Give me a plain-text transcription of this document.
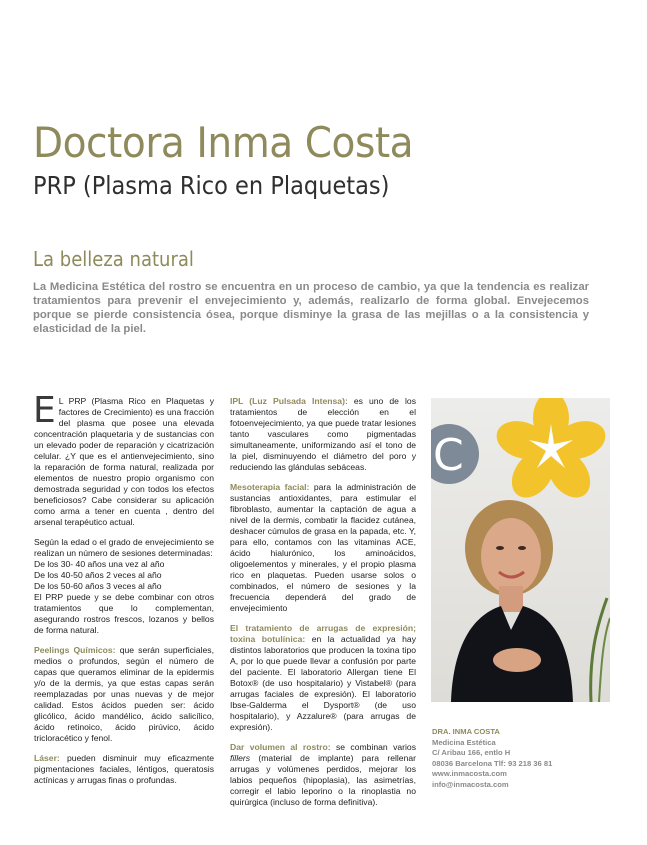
Doctora Inma Costa
PRP (Plasma Rico en Plaquetas)
La belleza natural
La Medicina Estética del rostro se encuentra en un proceso de cambio, ya que la tendencia es realizar tratamientos para prevenir el envejecimiento y, además, realizarlo de forma global. Envejecemos porque se pierde consistencia ósea, porque disminye la grasa de las mejillas o a la consistencia y elasticidad de la piel.

E L PRP (Plasma Rico en Plaquetas y factores de Crecimiento) es una fracción del plasma que posee una elevada concentración plaquetaria y de sustancias con un elevado poder de reparación y cicatrización celular. ¿Y que es el antienvejecimiento, sino la reparación de forma natural, realizada por elementos de nuestro propio organismo con demostrada seguridad y con todos los efectos beneficiosos? Cabe considerar su aplicación como arma a tener en cuenta , dentro del arsenal terapéutico actual.

Según la edad o el grado de envejecimiento se realizan un número de sesiones determinadas:
De los 30- 40 años una vez al año
De los 40-50 años 2 veces al año
De los 50-60 años 3 veces al año

El PRP puede y se debe combinar con otros tratamientos que lo complementan, asegurando rostros frescos, lozanos y bellos de forma natural.

Peelings Químicos: que serán superficiales, medios o profundos, según el número de capas que queramos eliminar de la epidermis y/o de la dermis, ya que estas capas serán reemplazadas por unas nuevas y de mejor calidad. Estos ácidos pueden ser: ácido glicólico, ácido mandélico, ácido salicílico, ácido retinoico, ácido pirúvico, ácido tricloracético y fenol.

Láser: pueden disminuir muy eficazmente pigmentaciones faciales, léntigos, queratosis actínicas y arrugas finas o profundas.

IPL (Luz Pulsada Intensa): es uno de los tratamientos de elección en el fotoenvejecimiento, ya que puede tratar lesiones tanto vasculares como pigmentadas simultaneamente, uniformizando así el tono de la piel, disminuyendo el diámetro del poro y reduciendo las glándulas sebáceas.

Mesoterapia facial: para la administración de sustancias antioxidantes, para estimular el fibroblasto, aumentar la captación de agua a nivel de la dermis, combatir la flacidez cutánea, deshacer cúmulos de grasa en la papada, etc. Y, para ello, contamos con las vitaminas ACE, ácido hialurónico, los aminoácidos, oligoelementos y minerales, y el propio plasma rico en plaquetas. Pueden usarse solos o combinados, el número de sesiones y la frecuencia dependerá del grado de envejecimiento

El tratamiento de arrugas de expresión; toxina botulínica: en la actualidad ya hay distintos laboratorios que producen la toxina tipo A, por lo que puede llevar a confusión por parte del paciente. El laboratorio Allergan tiene El Botox® (de uso hospitalario) y Vistabel® (para arrugas faciales de expresión). El laboratorio Ibse-Galderma el Dysport® (de uso hospitalario), y Azzalure® (para arrugas de expresión).

Dar volumen al rostro: se combinan varios fillers (material de implante) para rellenar arrugas y volúmenes perdidos, mejorar los labios pequeños (hipoplasia), las asimetrías, corregir el labio leporino o la rinoplastia no quirúrgica (incluso de forma definitiva).

C
DRA. INMA COSTA
Medicina Estética
C/ Aribau 166, entlo H
08036 Barcelona Tlf: 93 218 36 81
www.inmacosta.com
info@inmacosta.com
